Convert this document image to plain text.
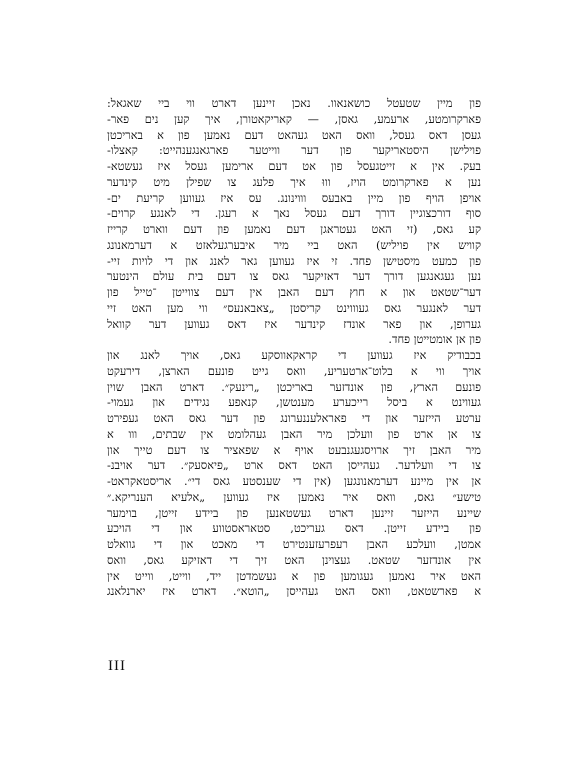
פון מיין שטעטל כושאנאוו. נאכן זיינען דארט ווי ביי שאגאל:
פארקרומטע, ארעמע, גאסן, — קאריקאטורן, איך קען נים פאר-
געסן דאס געסל, וואס האט געהאט דעם נאמען פון א באריכטן
פוילישן היסטאריקער פון דער ווייטער פארגאנגענהייט: קאצלו-
בעק. אין א זייטגעסל פון אט דעם ארימען געסל איז געשטא-
נען א פארקרומט הויז, וווּ איך פלעג צו שפילן מיט קינדער
אויפן הויף פון מיין באבעס וווינונג. עס איז געווען קריעת ים-
סוף דורכצוגיין דורך דעם געסל נאך א רעגן. די לאנגע קרוים-
קע גאס, (זי האט געטראגן דעם נאמען פון דעם ווארט קרייז
קוויש אין פויליש) האט ביי מיר איבערגעלאזט א דערמאנונג
פון כמעט מיסטישן פחד. זי איז געווען גאר לאנג און די לויות זיי-
נען געגאנגען דורך דער דאזיקער גאס צו דעם בית עולם הינטער
דער־שטאט און א חוץ דעם האבן אין דעם צווייטן ־טייל פון
דער לאנגער גאס געוווינט קריסטן „צאבאנעס״ ווי מען האט זיי
גערופן, און פאר אונדז קינדער איז דאס געווען דער קוואל
פון אן אומטייטן פחד.
בכבודיק איז געווען די קראקאווסקע גאס, אויך לאנג און
אויך ווי א בלוט־ארטעריע, וואס גייט פונעם הארצן, דירעקט
פונעם הארץ, פון אונדזער באריכטן „רינעק״. דארט האבן שוין
געווינט א ביסל רייכערע מענטשן, קנאפע נגידים און געמוי-
ערטע הייזער און די פאראלעננערונג פון דער גאס האט געפירט
צו אן ארט פון וועלכן מיר האבן געהלומט אין שבתים, ווו א
מיר האבן זיך ארויסגעגנבעט אויף א שפאציר צו דעם טייך און
צו די וועלדער. געהייסן האט דאס ארט „פיאסעק״. דער אויבנ-
אן אין מיינע דערמאנונגען (אין די שענסטע גאס די״. אריסטאקראט-
טישע״ גאס, וואס איר נאמען איז געווען „אלעיא הענריקא.״
שיינע הייזער זיינען דארט געשטאנען פון ביידע זייטן, בוימער
פון ביידע זייטן. דאס געריכט, סטאראסטווע און די הויכע
אמטן, וועלכע האבן רעפרעזענטירט די מאכט און די גוואלט
אין אונדזער שטאט. געצוינן האט זיך די דאזיקע גאס, וואס
האט איר נאמען געגומען פון א געשמדטן ייד, ווייט, ווייט אין
א פארשטאט, וואס האט געהייסן „הוטא״. דארט איז יארנלאנג
III
